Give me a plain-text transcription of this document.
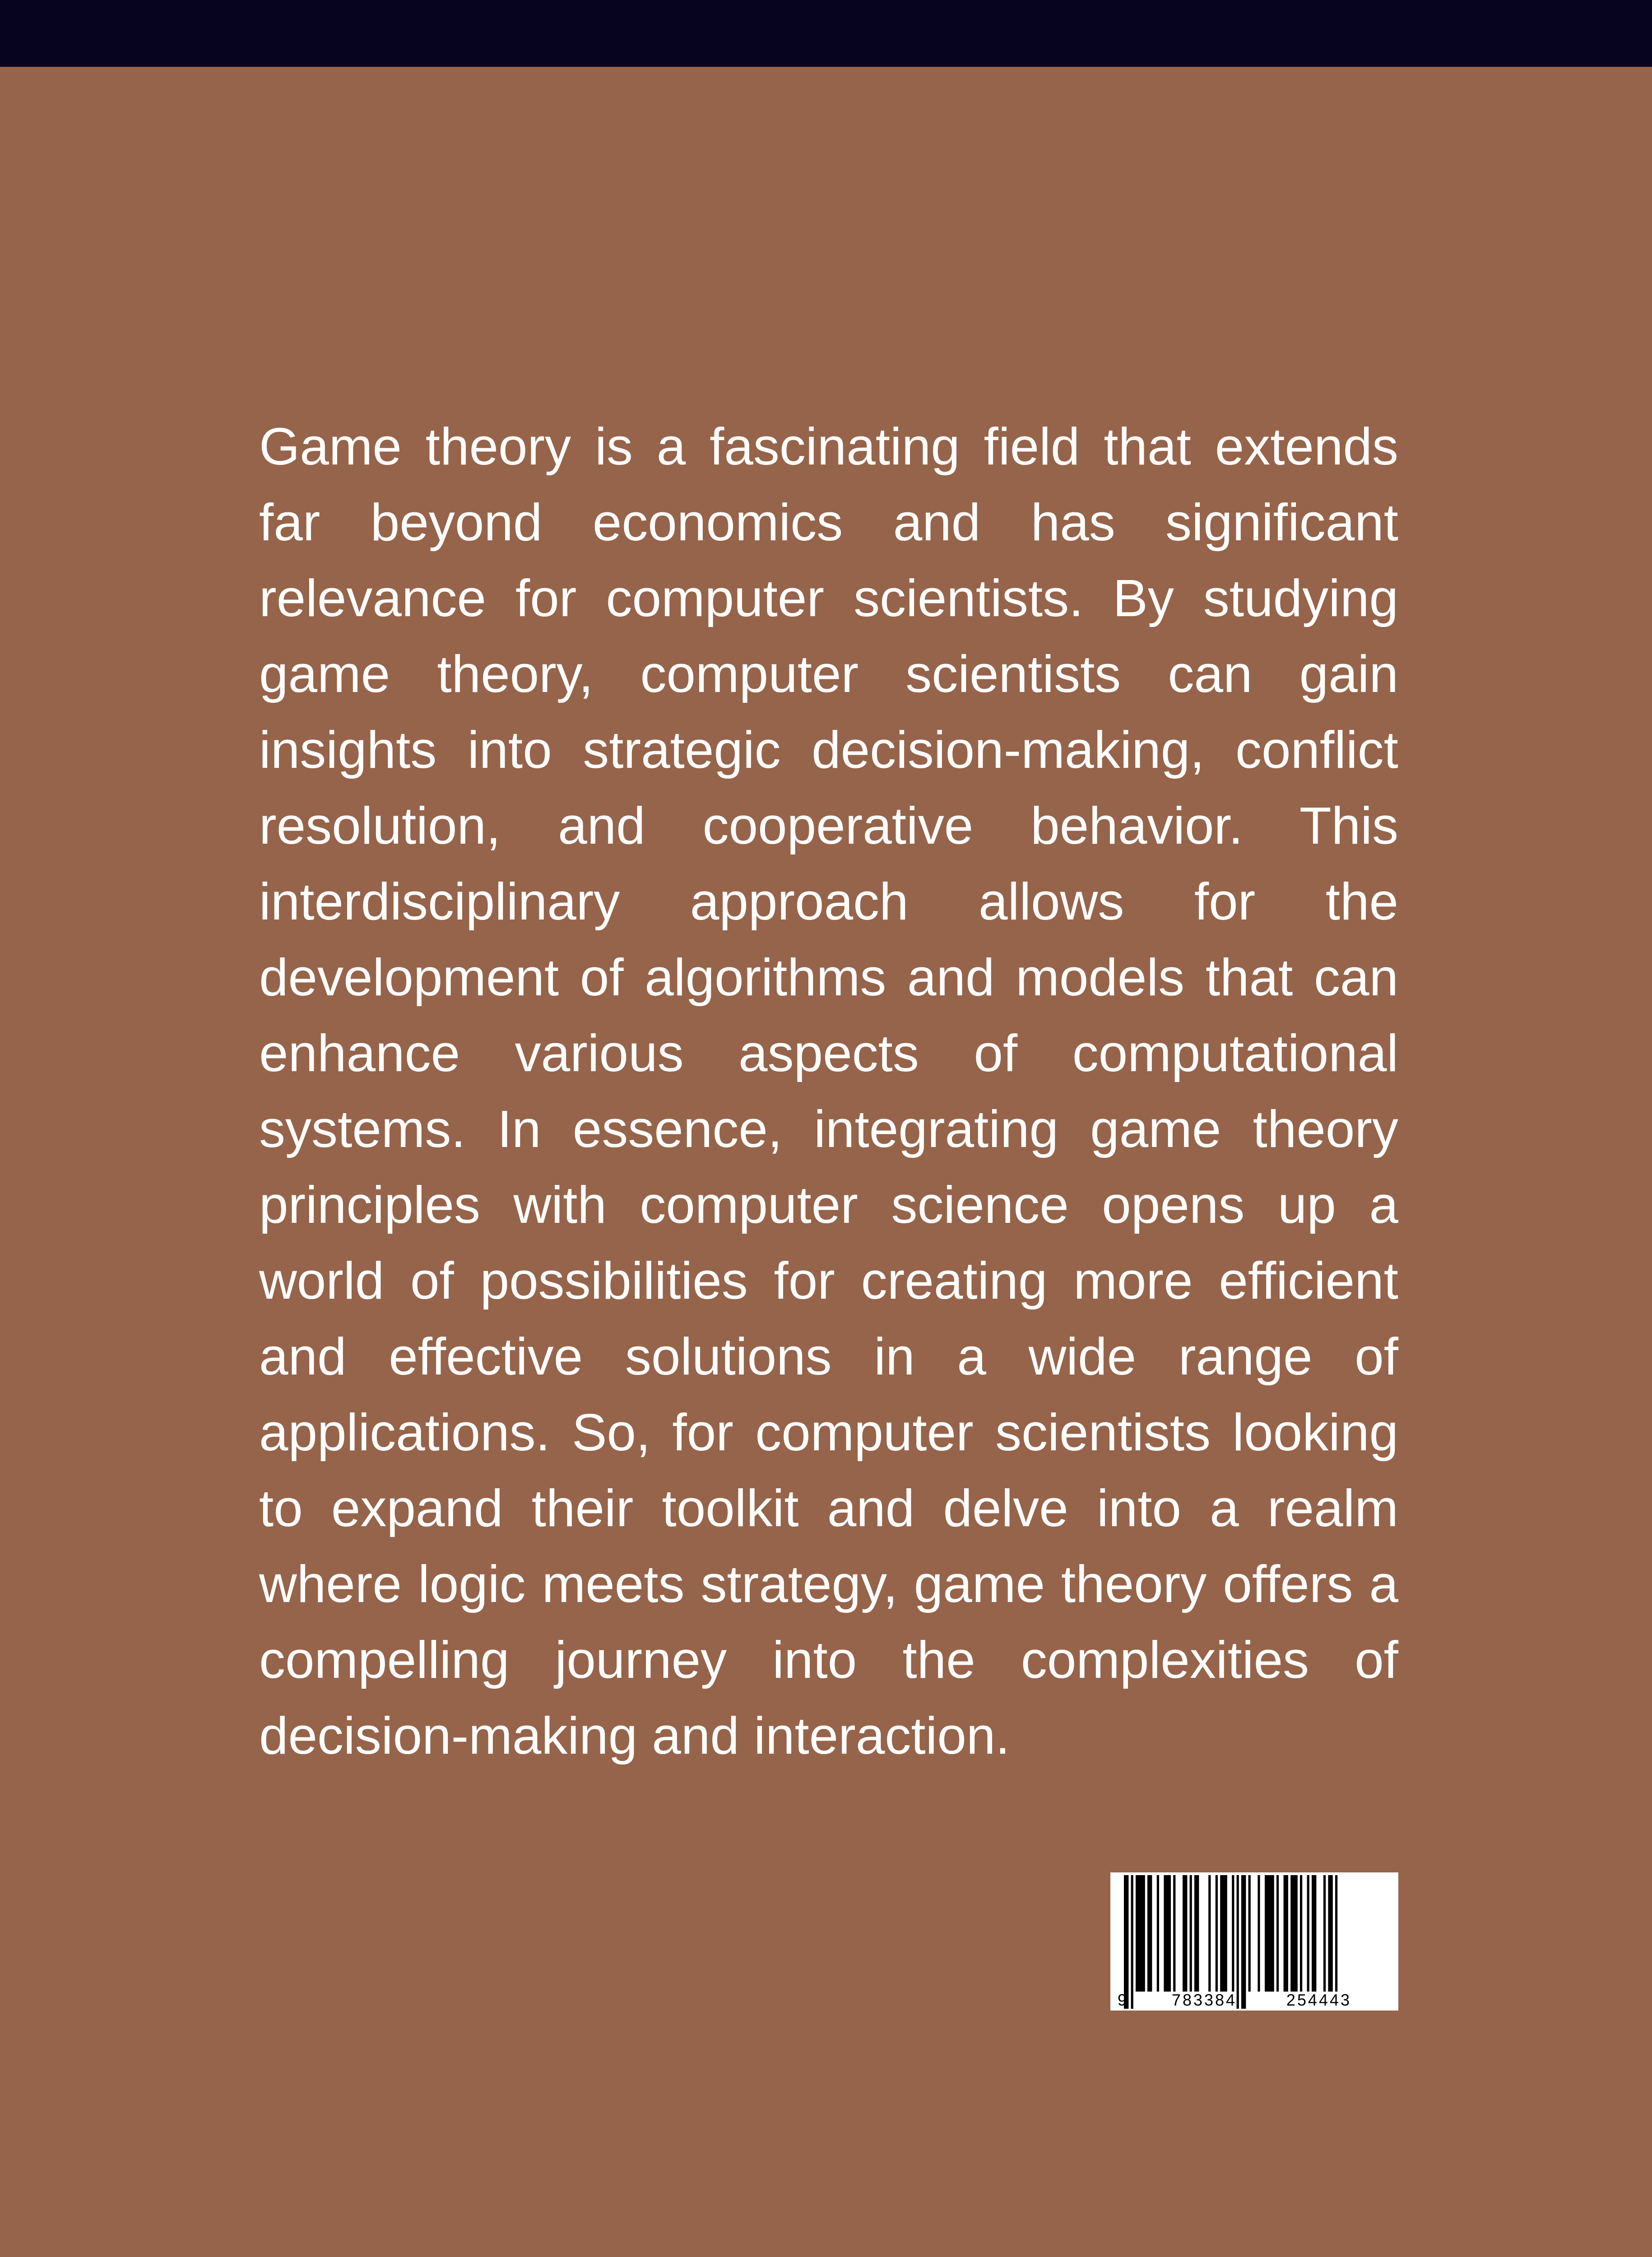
Game theory is a fascinating field that extends far beyond economics and has significant relevance for computer scientists. By studying game theory, computer scientists can gain insights into strategic decision-making, conflict resolution, and cooperative behavior. This interdisciplinary approach allows for the development of algorithms and models that can enhance various aspects of computational systems. In essence, integrating game theory principles with computer science opens up a world of possibilities for creating more efficient and effective solutions in a wide range of applications. So, for computer scientists looking to expand their toolkit and delve into a realm where logic meets strategy, game theory offers a compelling journey into the complexities of decision-making and interaction.

9	783384	254443
